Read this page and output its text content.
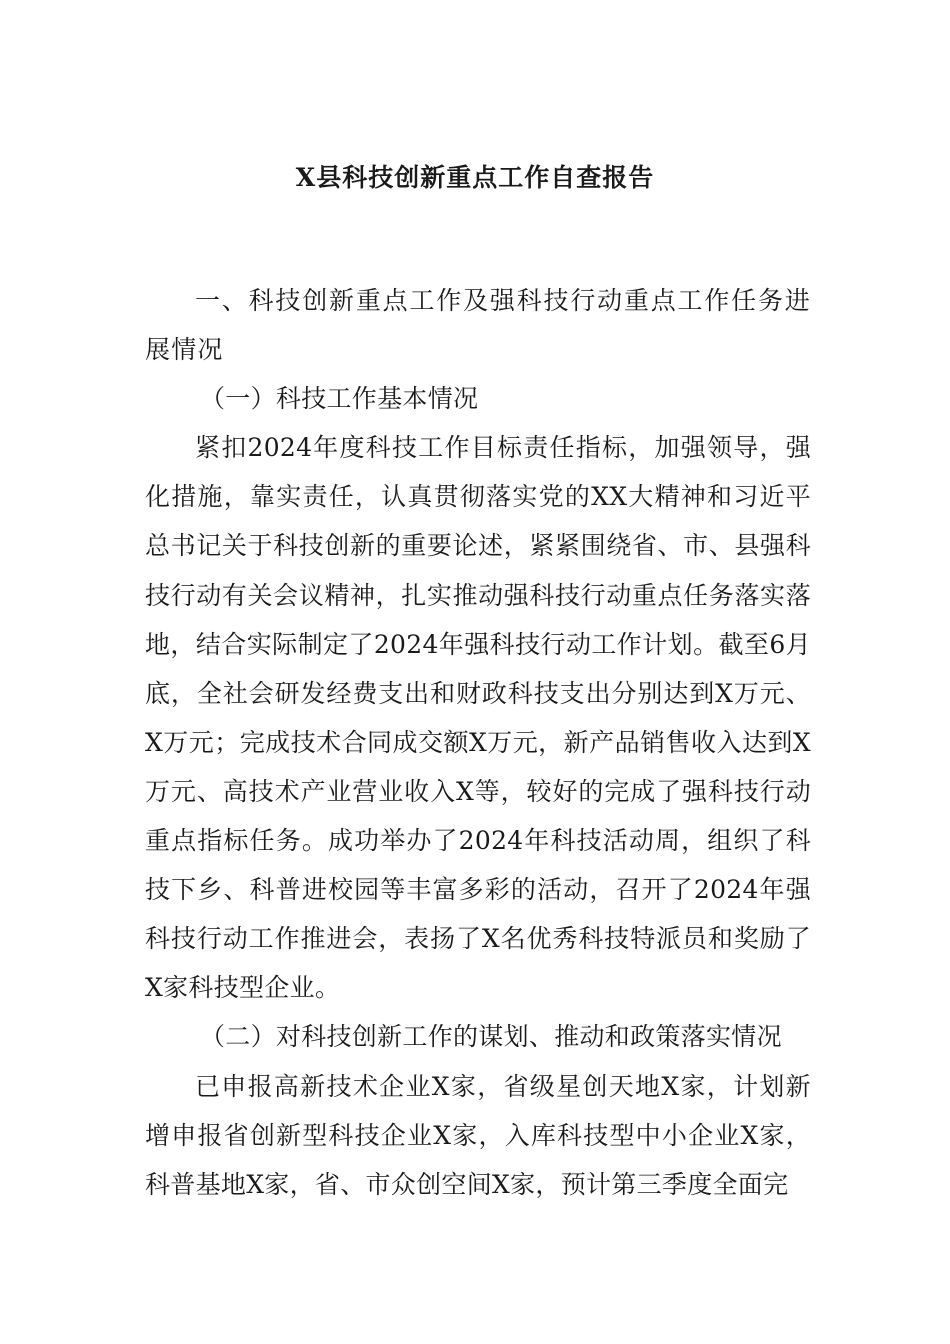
X县科技创新重点工作自查报告

一、科技创新重点工作及强科技行动重点工作任务进展情况

（一）科技工作基本情况

紧扣2024年度科技工作目标责任指标，加强领导，强化措施，靠实责任，认真贯彻落实党的XX大精神和习近平总书记关于科技创新的重要论述，紧紧围绕省、市、县强科技行动有关会议精神，扎实推动强科技行动重点任务落实落地，结合实际制定了2024年强科技行动工作计划。截至6月底，全社会研发经费支出和财政科技支出分别达到X万元、X万元；完成技术合同成交额X万元，新产品销售收入达到X万元、高技术产业营业收入X等，较好的完成了强科技行动重点指标任务。成功举办了2024年科技活动周，组织了科技下乡、科普进校园等丰富多彩的活动，召开了2024年强科技行动工作推进会，表扬了X名优秀科技特派员和奖励了X家科技型企业。

（二）对科技创新工作的谋划、推动和政策落实情况

已申报高新技术企业X家，省级星创天地X家，计划新增申报省创新型科技企业X家，入库科技型中小企业X家，科普基地X家，省、市众创空间X家，预计第三季度全面完
